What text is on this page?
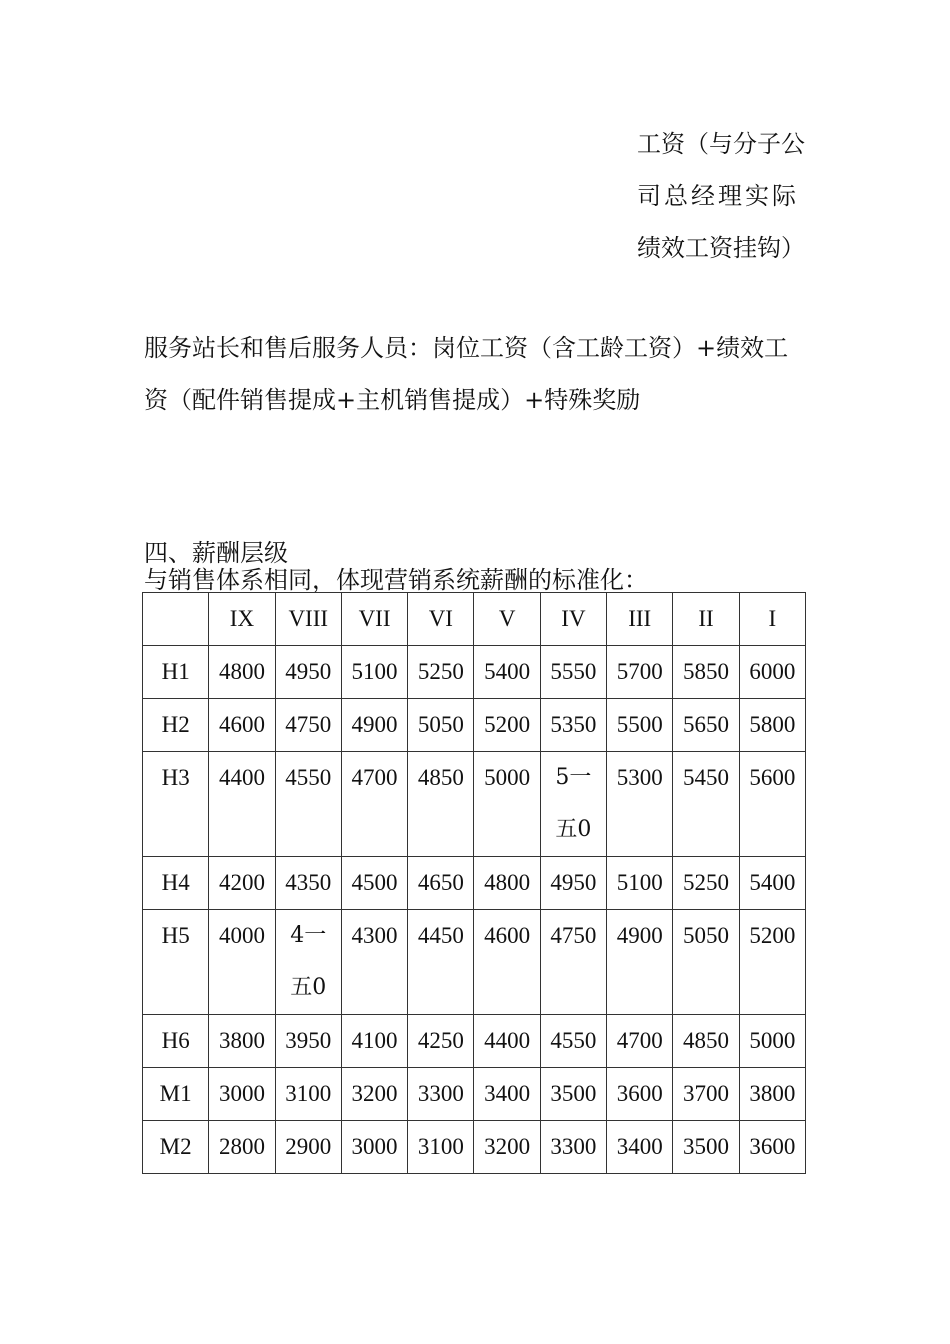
工资（与分子公
司总经理实际
绩效工资挂钩）
服务站长和售后服务人员：岗位工资（含工龄工资）+绩效工
资（配件销售提成+主机销售提成）+特殊奖励
四、薪酬层级
与销售体系相同，体现营销系统薪酬的标准化：
	IX	VIII	VII	VI	V	IV	III	II	I
H1	4800	4950	5100	5250	5400	5550	5700	5850	6000
H2	4600	4750	4900	5050	5200	5350	5500	5650	5800
H3	4400	4550	4700	4850	5000	5一
五0	5300	5450	5600
H4	4200	4350	4500	4650	4800	4950	5100	5250	5400
H5	4000	4一
五0	4300	4450	4600	4750	4900	5050	5200
H6	3800	3950	4100	4250	4400	4550	4700	4850	5000
M1	3000	3100	3200	3300	3400	3500	3600	3700	3800
M2	2800	2900	3000	3100	3200	3300	3400	3500	3600
